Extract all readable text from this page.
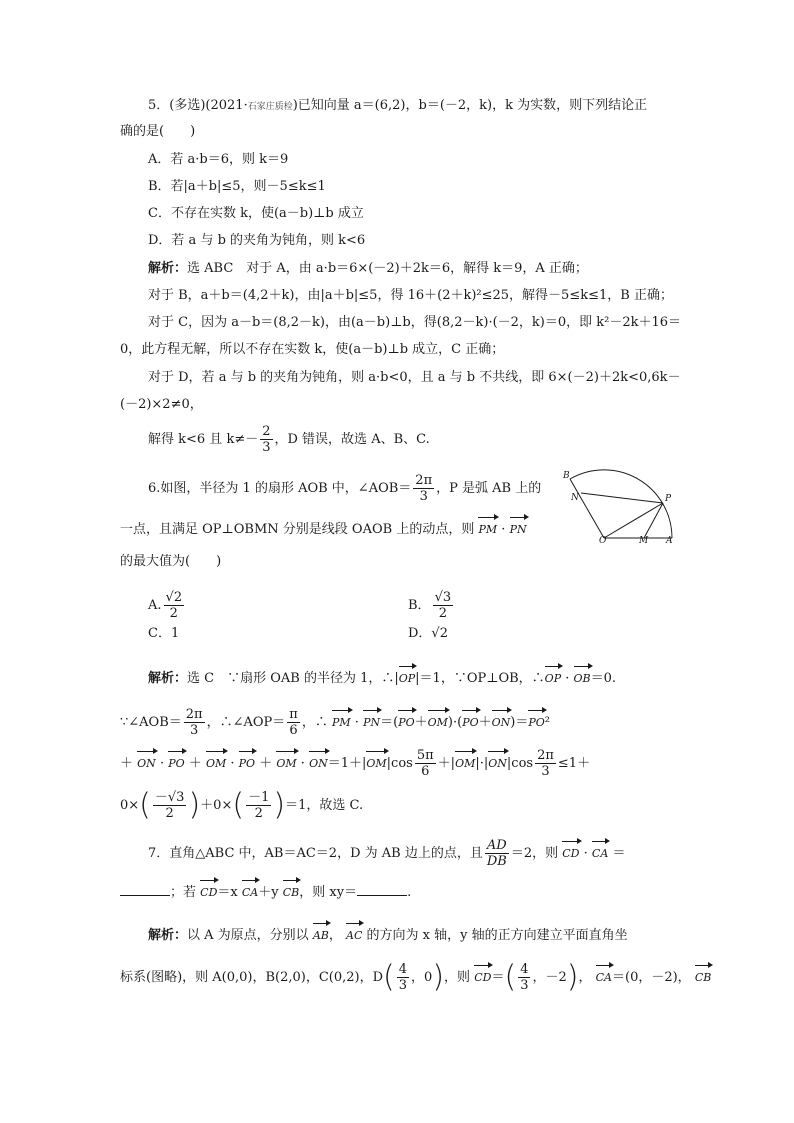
5．(多选)(2021·石家庄质检)已知向量 a＝(6,2)，b＝(－2，k)，k 为实数，则下列结论正
确的是(　　)
A．若 a·b＝6，则 k＝9
B．若|a＋b|≤5，则－5≤k≤1
C．不存在实数 k，使(a－b)⊥b 成立
D．若 a 与 b 的夹角为钝角，则 k<6
解析：选 ABC　对于 A，由 a·b＝6×(－2)＋2k＝6，解得 k＝9，A 正确；
对于 B，a＋b＝(4,2＋k)，由|a＋b|≤5，得 16＋(2＋k)²≤25，解得－5≤k≤1，B 正确；
对于 C，因为 a－b＝(8,2－k)，由(a－b)⊥b，得(8,2－k)·(－2，k)＝0，即 k²－2k＋16＝
0，此方程无解，所以不存在实数 k，使(a－b)⊥b 成立，C 正确；
对于 D，若 a 与 b 的夹角为钝角，则 a·b<0，且 a 与 b 不共线，即 6×(－2)＋2k<0,6k－
(－2)×2≠0，
解得 k<6 且 $k\ne- \frac{2}{3}$ ，D 错误，故选 A、B、C.
6.如图，半径为 1 的扇形 AOB 中，∠AOB＝ $\frac{2\pi}{3}$ ，P 是弧 AB 上的
一点，且满足 OP⊥OBMN 分别是线段 OAOB 上的动点，则 PM · PN
的最大值为(　　)
A. $\frac{√2}{2}$	B． $\frac{√3}{2}$
C．1	D．√2
解析：选 C　∵扇形 OAB 的半径为 1，∴|OP|＝1，∵OP⊥OB，∴OP · OB＝0.
∵∠AOB＝ $\frac{2\pi}{3}$ ，∴∠AOP＝ $\frac{\pi}{6}$ ，∴ PM · PN＝(PO＋OM)·(PO＋ON)＝PO²
＋ ON · PO ＋ OM · PO ＋ OM · $ON=1+|OM|\cos \frac{5\pi}{6} +|OM|\cdot|ON|\cos \frac{2\pi}{3} \le 1+$
$0\times( \frac{-√3}{2} )+0\times( \frac{-1}{2} )=1$，故选 C.
B
N	P
O	M A
7．直角△ABC 中，AB＝AC＝2，D 为 AB 边上的点，且 $\frac{AD}{DB} =2$，则 CD · CA ＝
；若 CD＝x CA＋y CB，则 xy＝	.
解析：以 A 为原点，分别以 AB， AC 的方向为 x 轴，y 轴的正方向建立平面直角坐
标系(图略)，则 A(0,0)，B(2,0)，C(0,2)，$D( \frac{4}{3}$ ，0)，则 $CD=( \frac{4}{3}$ ，－2)， CA＝(0，－2)， CB
